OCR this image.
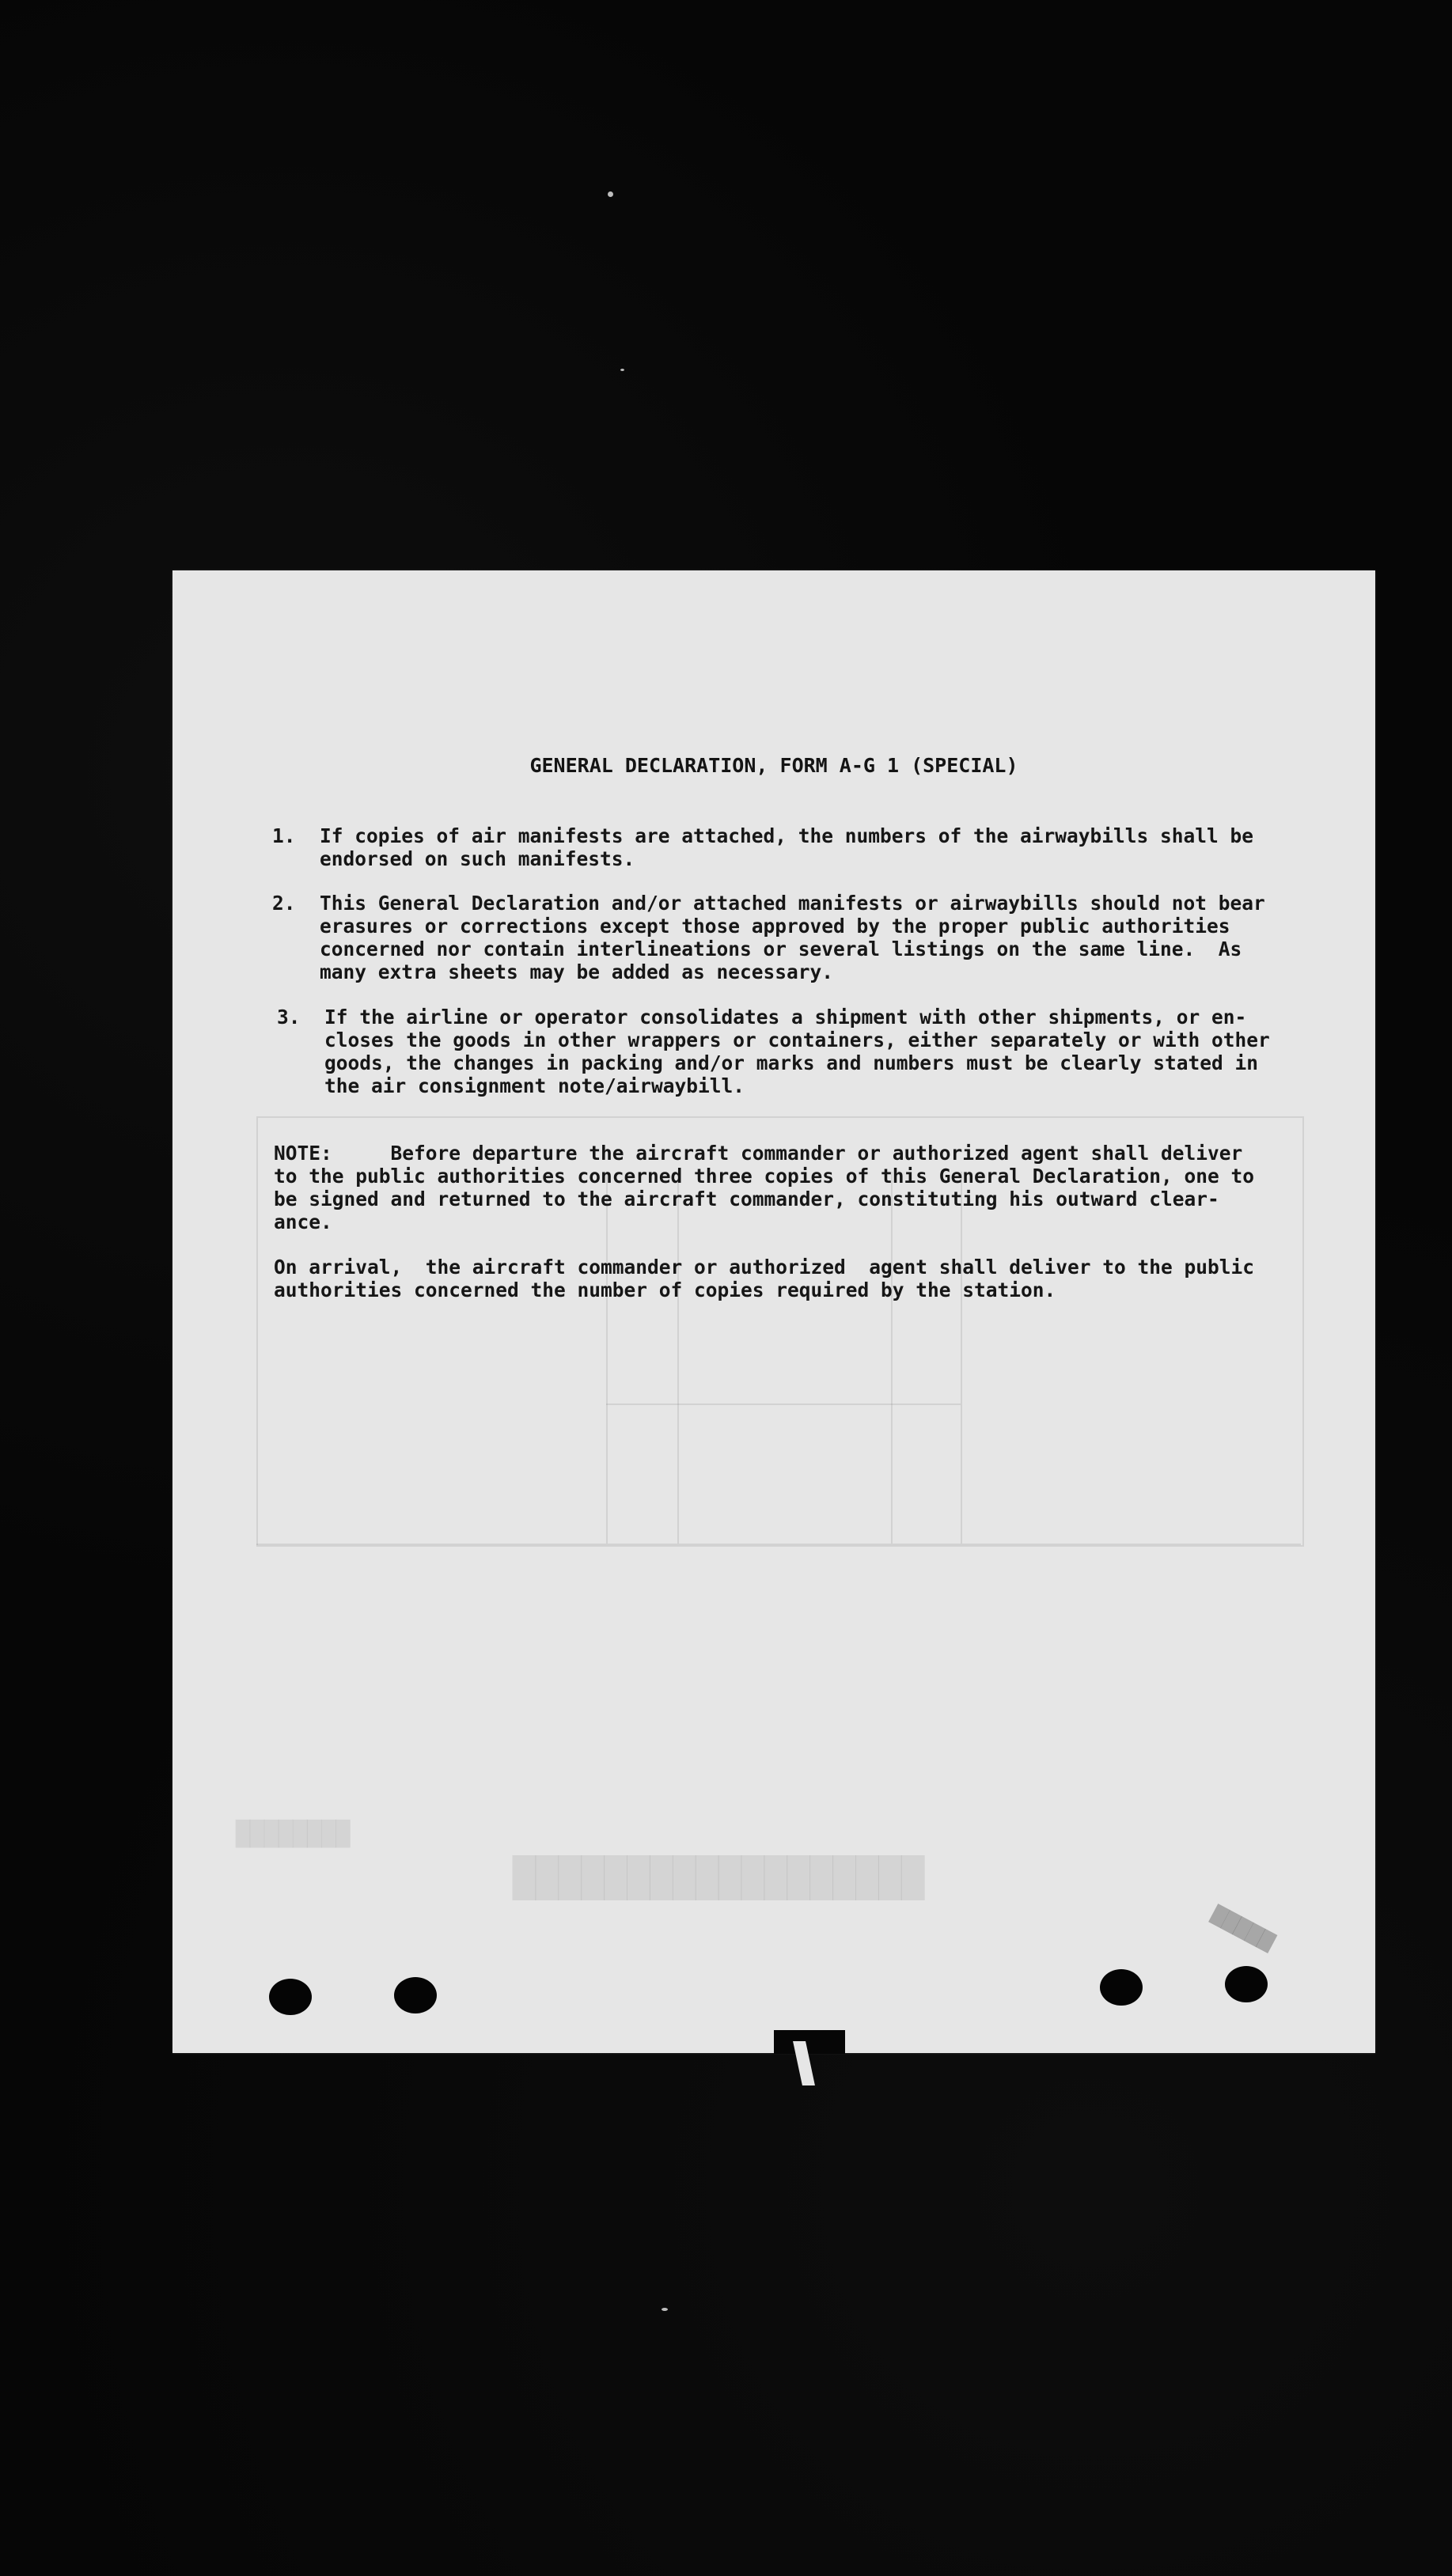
██████████████████
████████
█████
GENERAL DECLARATION, FORM A-G 1 (SPECIAL)
1. If copies of air manifests are attached, the numbers of the airwaybills shall be
endorsed on such manifests.
2. This General Declaration and/or attached manifests or airwaybills should not bear
erasures or corrections except those approved by the proper public authorities
concerned nor contain interlineations or several listings on the same line.  As
many extra sheets may be added as necessary.
3. If the airline or operator consolidates a shipment with other shipments, or en-
closes the goods in other wrappers or containers, either separately or with other
goods, the changes in packing and/or marks and numbers must be clearly stated in
the air consignment note/airwaybill.
NOTE:     Before departure the aircraft commander or authorized agent shall deliver
to the public authorities concerned three copies of this General Declaration, one to
be signed and returned to the aircraft commander, constituting his outward clear-
ance.
On arrival,  the aircraft commander or authorized  agent shall deliver to the public
authorities concerned the number of copies required by the station.
